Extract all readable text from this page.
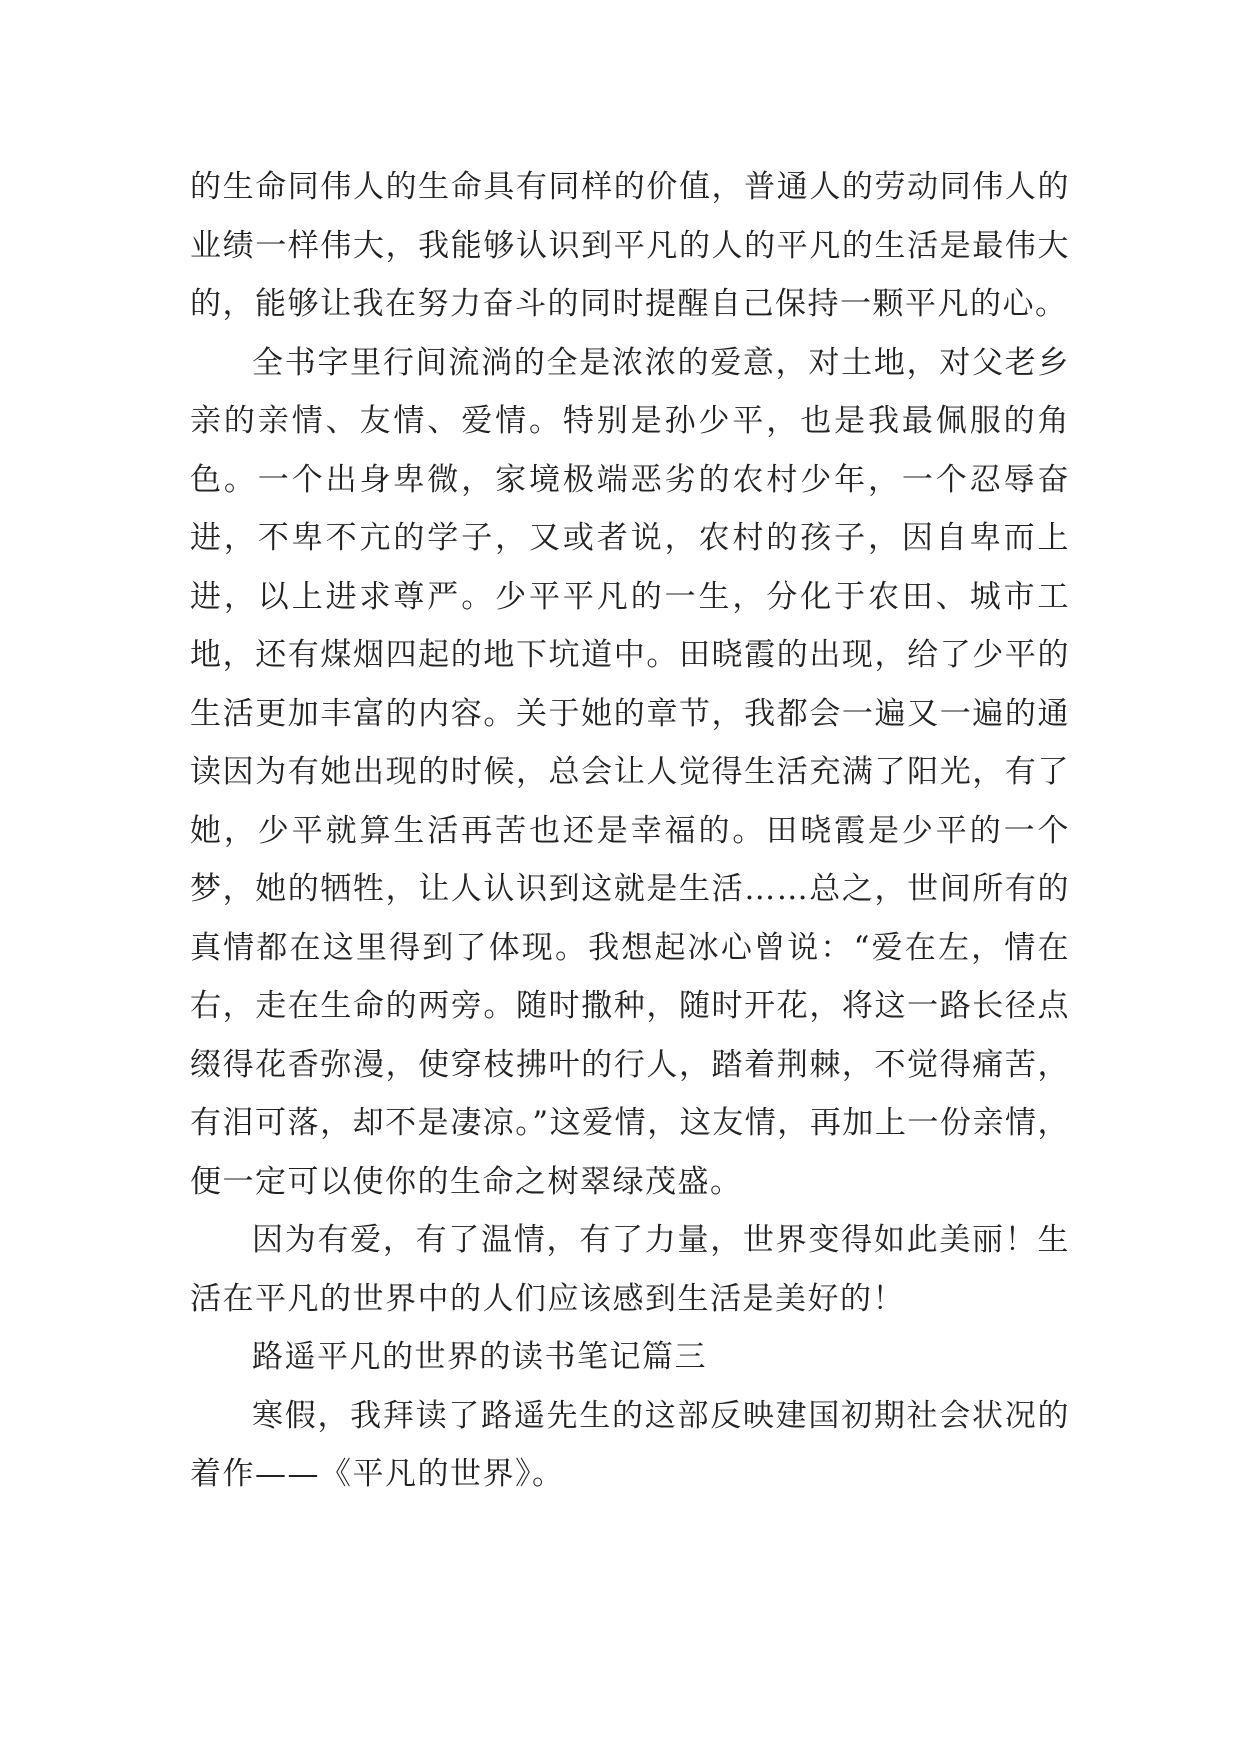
的生命同伟人的生命具有同样的价值，普通人的劳动同伟人的业绩一样伟大，我能够认识到平凡的人的平凡的生活是最伟大的，能够让我在努力奋斗的同时提醒自己保持一颗平凡的心。

全书字里行间流淌的全是浓浓的爱意，对土地，对父老乡亲的亲情、友情、爱情。特别是孙少平，也是我最佩服的角色。一个出身卑微，家境极端恶劣的农村少年，一个忍辱奋进，不卑不亢的学子，又或者说，农村的孩子，因自卑而上进，以上进求尊严。少平平凡的一生，分化于农田、城市工地，还有煤烟四起的地下坑道中。田晓霞的出现，给了少平的生活更加丰富的内容。关于她的章节，我都会一遍又一遍的通读因为有她出现的时候，总会让人觉得生活充满了阳光，有了她，少平就算生活再苦也还是幸福的。田晓霞是少平的一个梦，她的牺牲，让人认识到这就是生活……总之，世间所有的真情都在这里得到了体现。我想起冰心曾说：“爱在左，情在右，走在生命的两旁。随时撒种，随时开花，将这一路长径点缀得花香弥漫，使穿枝拂叶的行人，踏着荆棘，不觉得痛苦，有泪可落，却不是凄凉。”这爱情，这友情，再加上一份亲情，便一定可以使你的生命之树翠绿茂盛。

因为有爱，有了温情，有了力量，世界变得如此美丽！生活在平凡的世界中的人们应该感到生活是美好的！

路遥平凡的世界的读书笔记篇三

寒假，我拜读了路遥先生的这部反映建国初期社会状况的着作——《平凡的世界》。
